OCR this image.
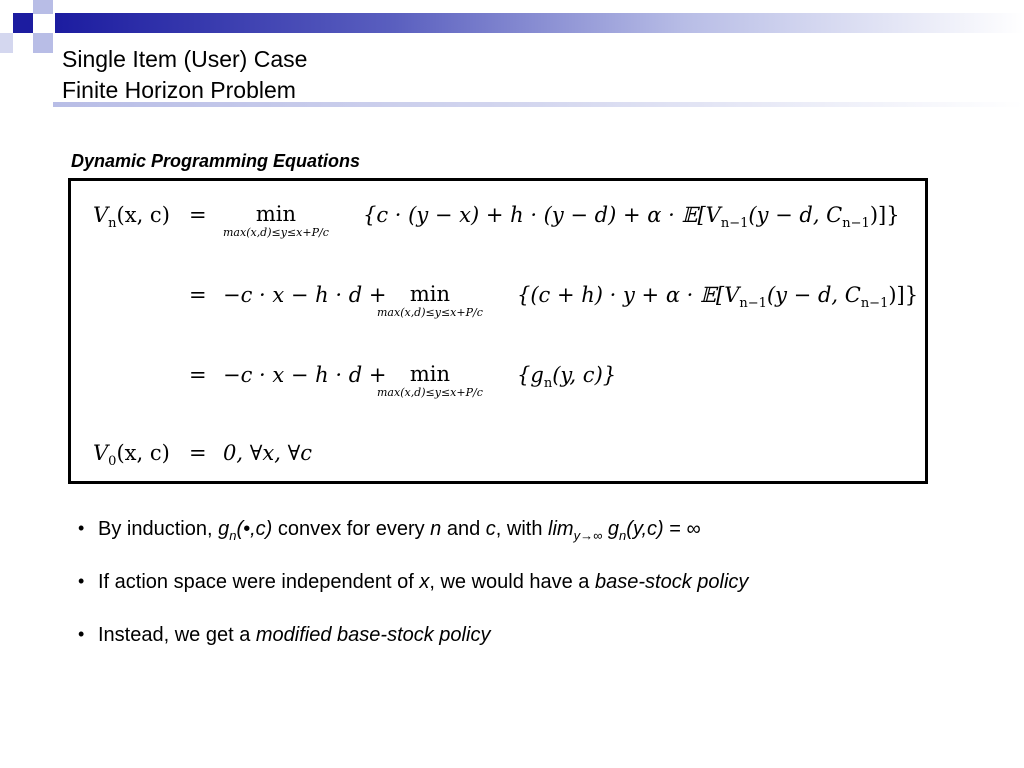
Single Item (User) Case
Finite Horizon Problem
Dynamic Programming Equations
$V_n(x$, c) =	min
max(x,d)≤y≤x+P/c
{$c \cdot (y - x) + h \cdot (y - d) + \alpha \cdot 𝔼[V_{n-1}(y - d$, $C_{n-1}$)]}
= −c · x − h · d +	min
max(x,d)≤y≤x+P/c
{$(c + h) \cdot y + \alpha \cdot 𝔼[V_{n-1}(y - d$, $C_{n-1}$)]}
= −c · x − h · d +	min
max(x,d)≤y≤x+P/c
{$g_n(y$, c)}
$V_0(x$, c) = 0, ∀x, ∀c
• By induction, $g_n(•,c)$ convex for every n and c, with $\lim_{y\to\infty} g_n(y,c)$ = ∞
• If action space were independent of x, we would have a base-stock policy
• Instead, we get a modified base-stock policy
